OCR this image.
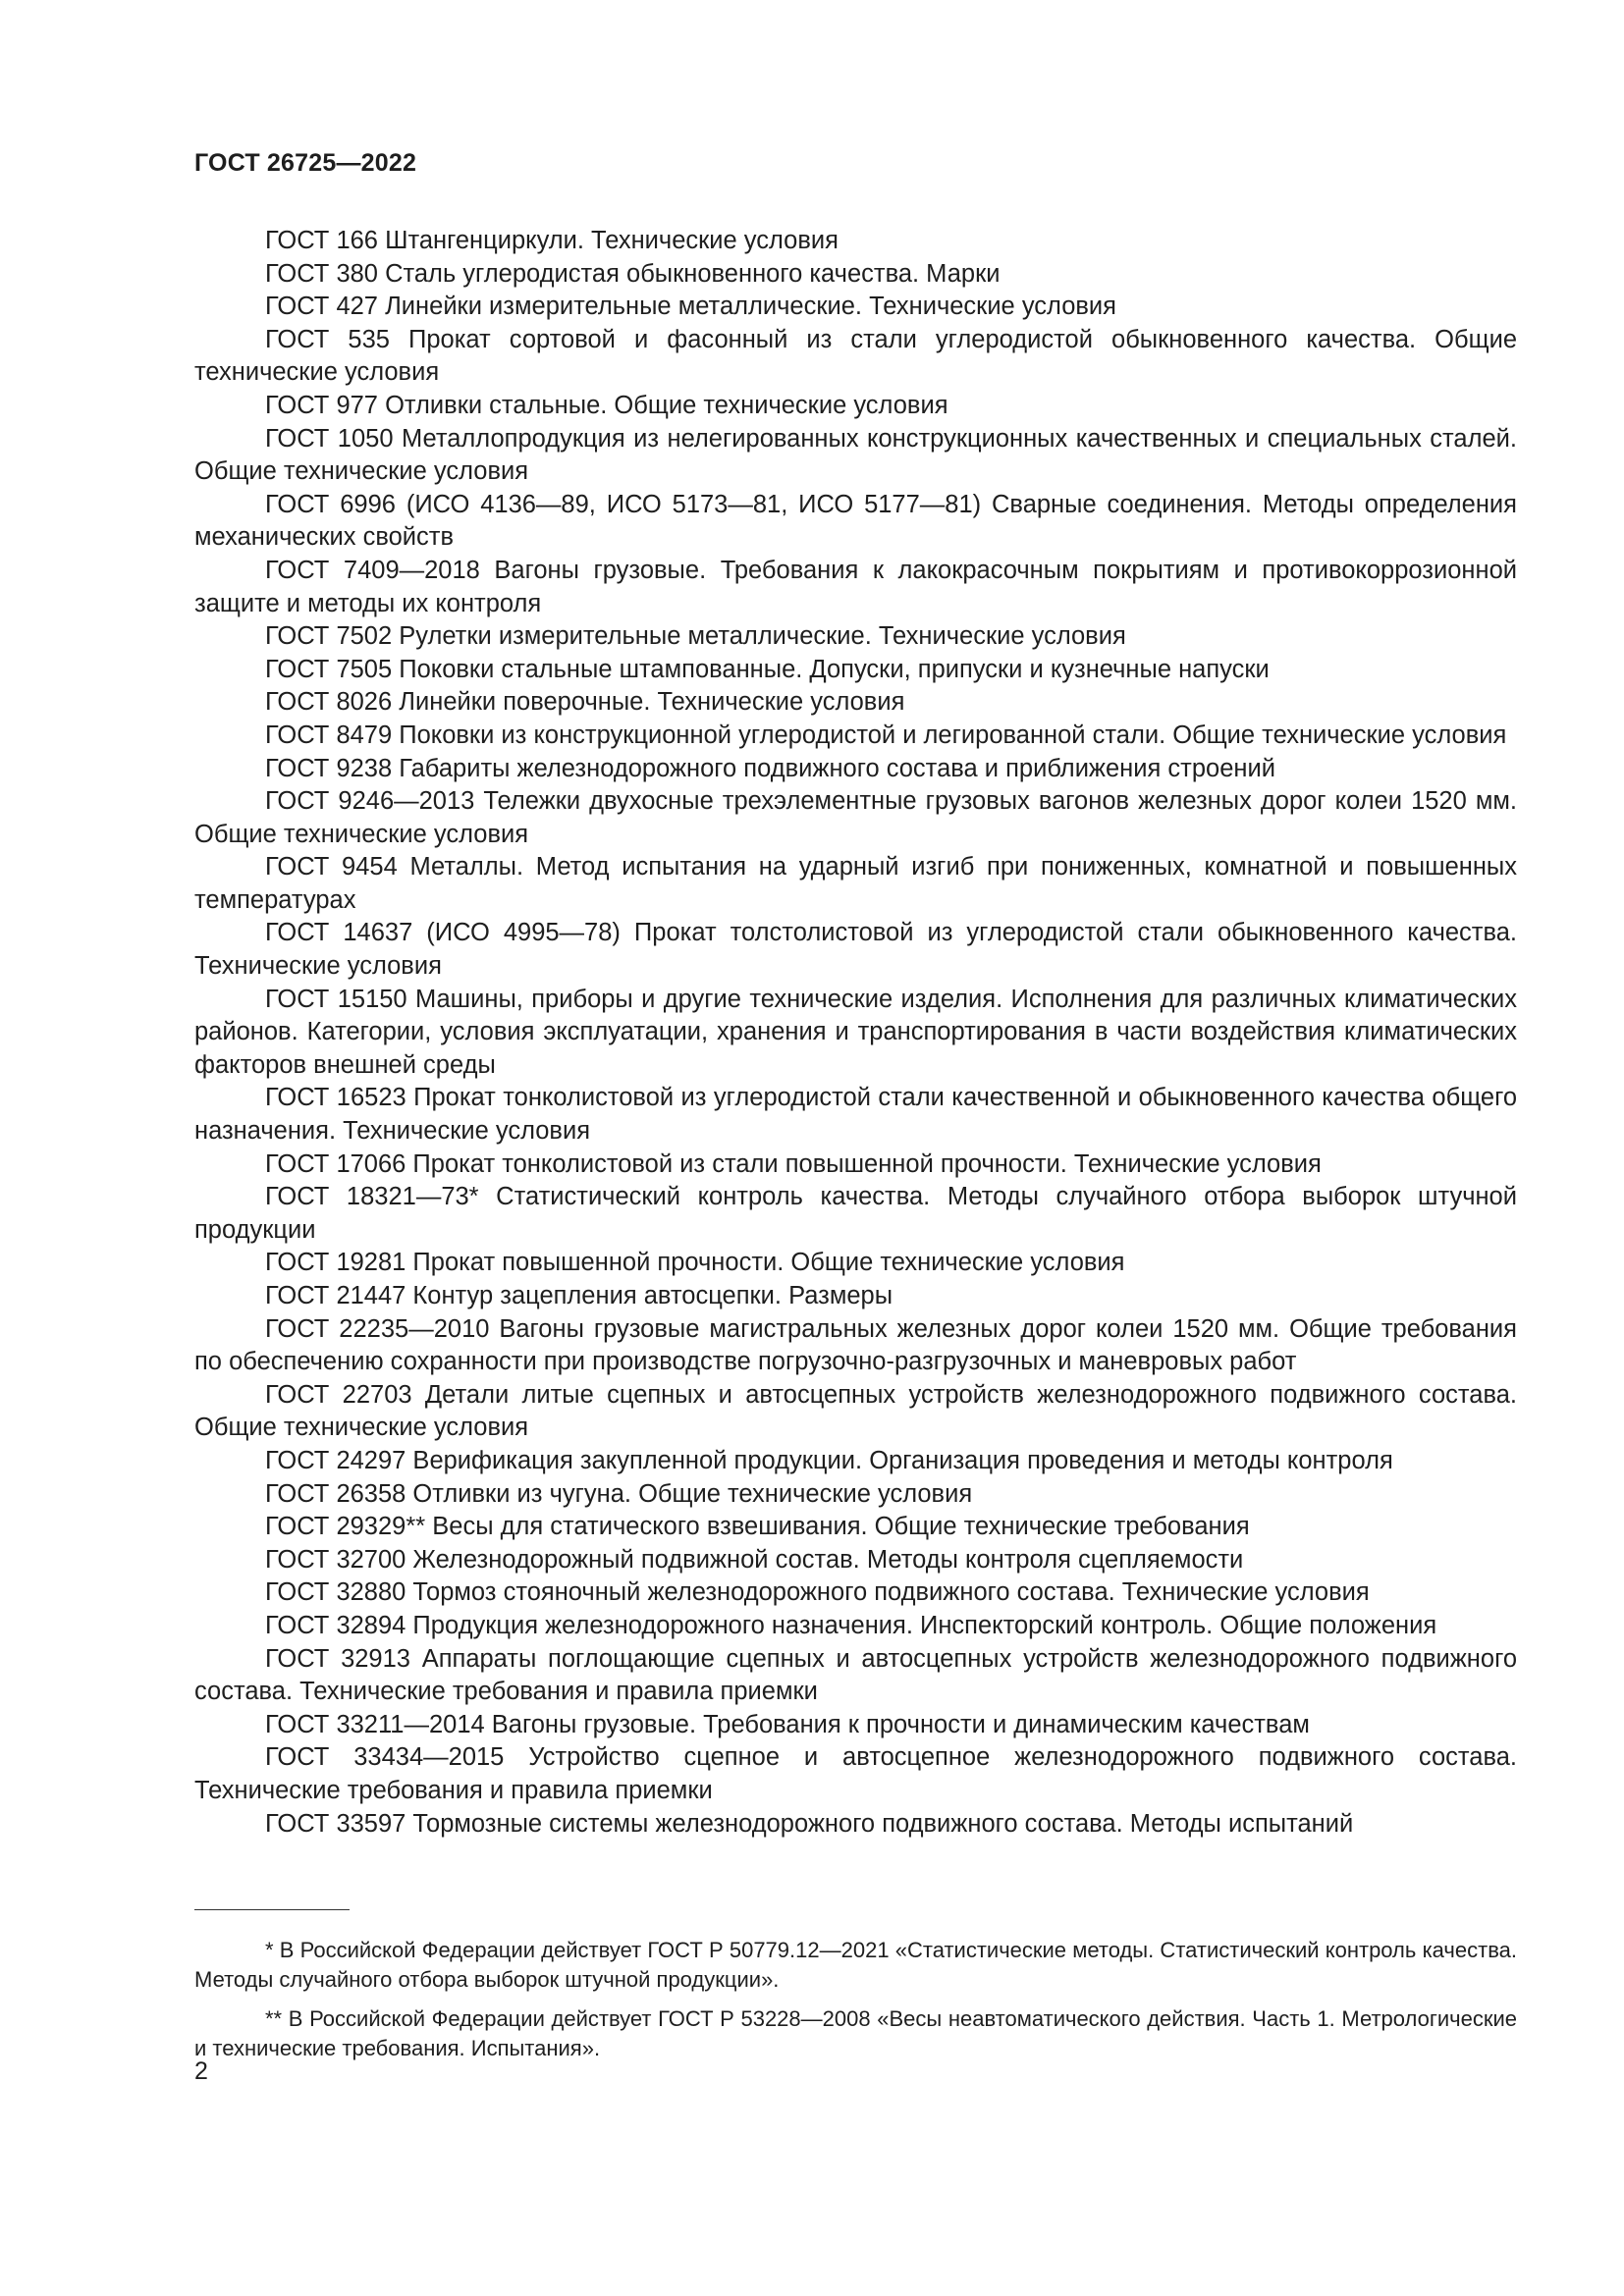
ГОСТ 26725—2022

ГОСТ 166 Штангенциркули. Технические условия

ГОСТ 380 Сталь углеродистая обыкновенного качества. Марки

ГОСТ 427 Линейки измерительные металлические. Технические условия

ГОСТ 535 Прокат сортовой и фасонный из стали углеродистой обыкновенного качества. Общие технические условия

ГОСТ 977 Отливки стальные. Общие технические условия

ГОСТ 1050 Металлопродукция из нелегированных конструкционных качественных и специальных сталей. Общие технические условия

ГОСТ 6996 (ИСО 4136—89, ИСО 5173—81, ИСО 5177—81) Сварные соединения. Методы определения механических свойств

ГОСТ 7409—2018 Вагоны грузовые. Требования к лакокрасочным покрытиям и противокоррозионной защите и методы их контроля

ГОСТ 7502 Рулетки измерительные металлические. Технические условия

ГОСТ 7505 Поковки стальные штампованные. Допуски, припуски и кузнечные напуски

ГОСТ 8026 Линейки поверочные. Технические условия

ГОСТ 8479 Поковки из конструкционной углеродистой и легированной стали. Общие технические условия

ГОСТ 9238 Габариты железнодорожного подвижного состава и приближения строений

ГОСТ 9246—2013 Тележки двухосные трехэлементные грузовых вагонов железных дорог колеи 1520 мм. Общие технические условия

ГОСТ 9454 Металлы. Метод испытания на ударный изгиб при пониженных, комнатной и повышенных температурах

ГОСТ 14637 (ИСО 4995—78) Прокат толстолистовой из углеродистой стали обыкновенного качества. Технические условия

ГОСТ 15150 Машины, приборы и другие технические изделия. Исполнения для различных климатических районов. Категории, условия эксплуатации, хранения и транспортирования в части воздействия климатических факторов внешней среды

ГОСТ 16523 Прокат тонколистовой из углеродистой стали качественной и обыкновенного качества общего назначения. Технические условия

ГОСТ 17066 Прокат тонколистовой из стали повышенной прочности. Технические условия

ГОСТ 18321—73* Статистический контроль качества. Методы случайного отбора выборок штучной продукции

ГОСТ 19281 Прокат повышенной прочности. Общие технические условия

ГОСТ 21447 Контур зацепления автосцепки. Размеры

ГОСТ 22235—2010 Вагоны грузовые магистральных железных дорог колеи 1520 мм. Общие требования по обеспечению сохранности при производстве погрузочно-разгрузочных и маневровых работ

ГОСТ 22703 Детали литые сцепных и автосцепных устройств железнодорожного подвижного состава. Общие технические условия

ГОСТ 24297 Верификация закупленной продукции. Организация проведения и методы контроля

ГОСТ 26358 Отливки из чугуна. Общие технические условия

ГОСТ 29329** Весы для статического взвешивания. Общие технические требования

ГОСТ 32700 Железнодорожный подвижной состав. Методы контроля сцепляемости

ГОСТ 32880 Тормоз стояночный железнодорожного подвижного состава. Технические условия

ГОСТ 32894 Продукция железнодорожного назначения. Инспекторский контроль. Общие положения

ГОСТ 32913 Аппараты поглощающие сцепных и автосцепных устройств железнодорожного подвижного состава. Технические требования и правила приемки

ГОСТ 33211—2014 Вагоны грузовые. Требования к прочности и динамическим качествам

ГОСТ 33434—2015 Устройство сцепное и автосцепное железнодорожного подвижного состава. Технические требования и правила приемки

ГОСТ 33597 Тормозные системы железнодорожного подвижного состава. Методы испытаний

* В Российской Федерации действует ГОСТ Р 50779.12—2021 «Статистические методы. Статистический контроль качества. Методы случайного отбора выборок штучной продукции».

** В Российской Федерации действует ГОСТ Р 53228—2008 «Весы неавтоматического действия. Часть 1. Метрологические и технические требования. Испытания».

2
